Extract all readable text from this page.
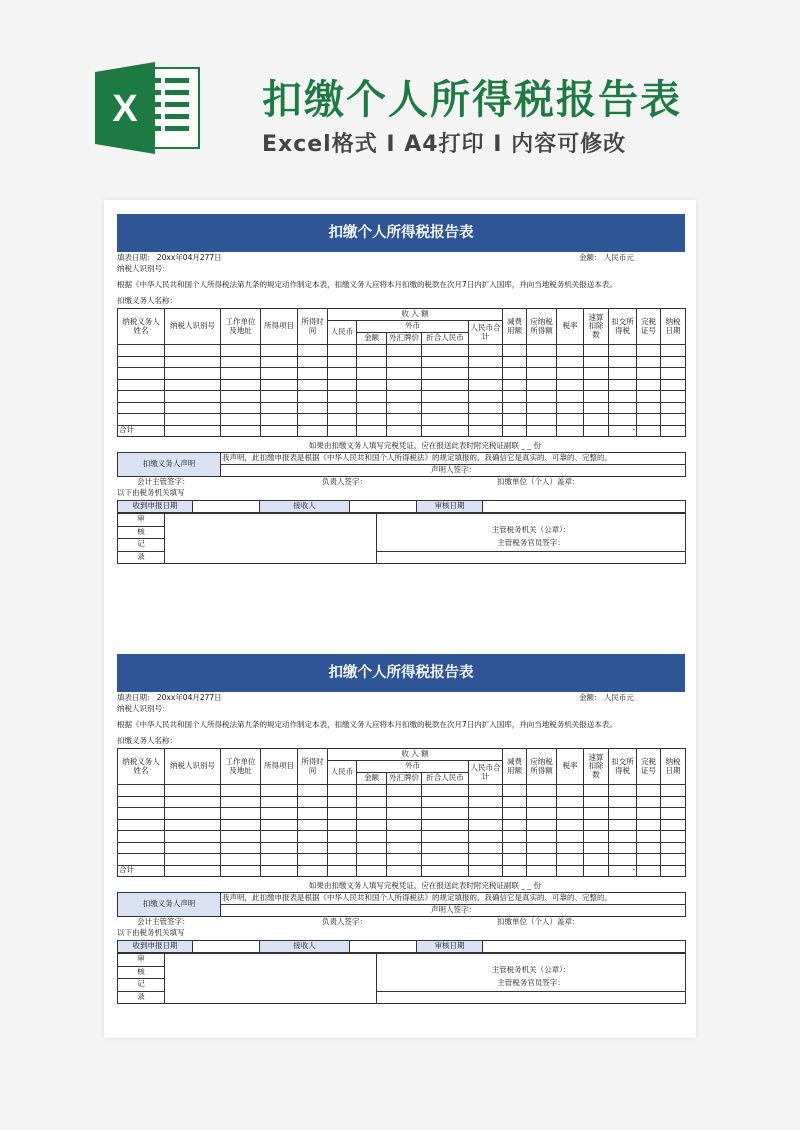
X	扣缴个人所得税报告表
Excel格式 I A4打印 I 内容可修改
扣缴个人所得税报告表
填表日期： 20xx年04月277日	金额： 人民币元
纳税人识别号：
根据《中华人民共和国个人所得税法第九条的规定动作制定本表，扣缴义务人应将本月扣缴的税款在次月7日内扩入国库，并向当地税务机关报送本表。
扣缴义务人名称：
纳税义务人姓名	纳税人识别号	工作单位及地址	所得项目	所得时间	收 入 额					减费用额	应纳税所得额	税率	速算扣除数	扣交所得税	完税证号	纳税日期
					人民币	外币			人民币合计							
						金额	外汇牌价	折合人民币								

合计														-		
如果由扣缴义务人填写完税凭证，应在报送此表时附完税证副联 _ _ 份
扣缴义务人声明	我声明，此扣缴申报表是根据《中华人民共和国个人所得税法》的规定填报的，我确信它是真实的、可靠的、完整的。
声明人签字：
会计主管签字：	负责人签字：	扣缴单位（个人）盖章：
以下由税务机关填写
收到申报日期		接收人		审核日期	
审		
核		主管税务机关（公章）：
记		主管税务官员签字：
录		
扣缴个人所得税报告表
填表日期： 20xx年04月277日	金额： 人民币元
纳税人识别号：
根据《中华人民共和国个人所得税法第九条的规定动作制定本表，扣缴义务人应将本月扣缴的税款在次月7日内扩入国库，并向当地税务机关报送本表。
扣缴义务人名称：
纳税义务人姓名	纳税人识别号	工作单位及地址	所得项目	所得时间	收 入 额					减费用额	应纳税所得额	税率	速算扣除数	扣交所得税	完税证号	纳税日期
					人民币	外币			人民币合计							
						金额	外汇牌价	折合人民币								

合计														-		
如果由扣缴义务人填写完税凭证，应在报送此表时附完税证副联 _ _ 份
扣缴义务人声明	我声明，此扣缴申报表是根据《中华人民共和国个人所得税法》的规定填报的，我确信它是真实的、可靠的、完整的。
声明人签字：
会计主管签字：	负责人签字：	扣缴单位（个人）盖章：
以下由税务机关填写
收到申报日期		接收人		审核日期	
审		
核		主管税务机关（公章）：
记		主管税务官员签字：
录		
